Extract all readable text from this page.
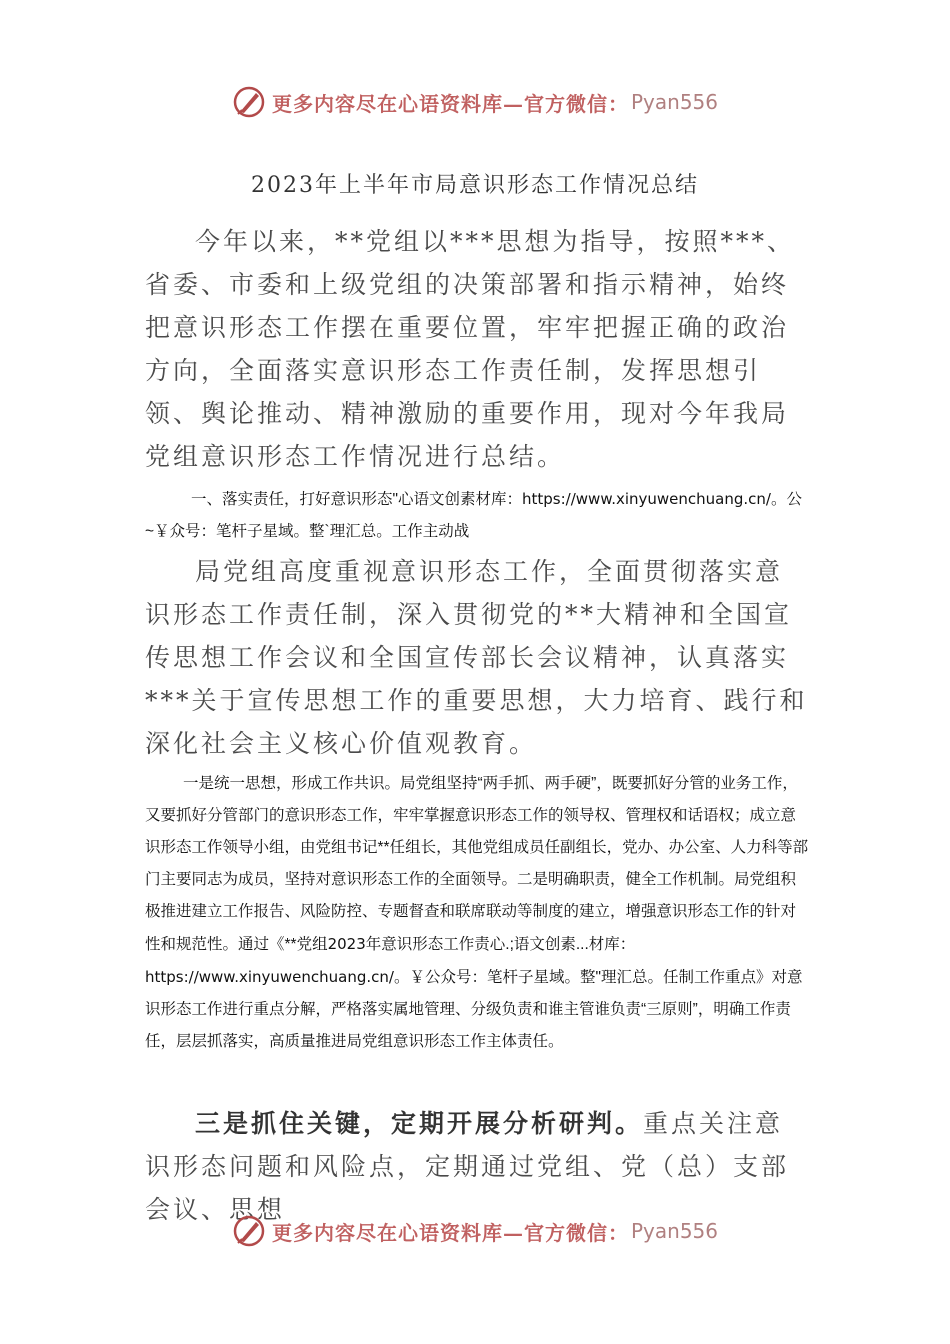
更多内容尽在心语资料库—官方微信： Pyan556
2023年上半年市局意识形态工作情况总结

今年以来，**党组以***思想为指导，按照***、省委、市委和上级党组的决策部署和指示精神，始终把意识形态工作摆在重要位置，牢牢把握正确的政治方向，全面落实意识形态工作责任制，发挥思想引领、舆论推动、精神激励的重要作用，现对今年我局党组意识形态工作情况进行总结。

一、落实责任，打好意识形态"心语文创素材库：https://www.xinyuwenchuang.cn/。公~￥众号：笔杆子星域。整`理汇总。工作主动战

局党组高度重视意识形态工作，全面贯彻落实意识形态工作责任制，深入贯彻党的**大精神和全国宣传思想工作会议和全国宣传部长会议精神，认真落实***关于宣传思想工作的重要思想，大力培育、践行和深化社会主义核心价值观教育。

一是统一思想，形成工作共识。局党组坚持“两手抓、两手硬”，既要抓好分管的业务工作，又要抓好分管部门的意识形态工作，牢牢掌握意识形态工作的领导权、管理权和话语权；成立意识形态工作领导小组，由党组书记**任组长，其他党组成员任副组长，党办、办公室、人力科等部门主要同志为成员，坚持对意识形态工作的全面领导。二是明确职责，健全工作机制。局党组积极推进建立工作报告、风险防控、专题督查和联席联动等制度的建立，增强意识形态工作的针对性和规范性。通过《**党组2023年意识形态工作责心.;语文创素...材库：https://www.xinyuwenchuang.cn/。￥公众号：笔杆子星域。整"理汇总。任制工作重点》对意识形态工作进行重点分解，严格落实属地管理、分级负责和谁主管谁负责“三原则”，明确工作责任，层层抓落实，高质量推进局党组意识形态工作主体责任。

三是抓住关键，定期开展分析研判。重点关注意识形态问题和风险点，定期通过党组、党（总）支部会议、思想

更多内容尽在心语资料库—官方微信： Pyan556
